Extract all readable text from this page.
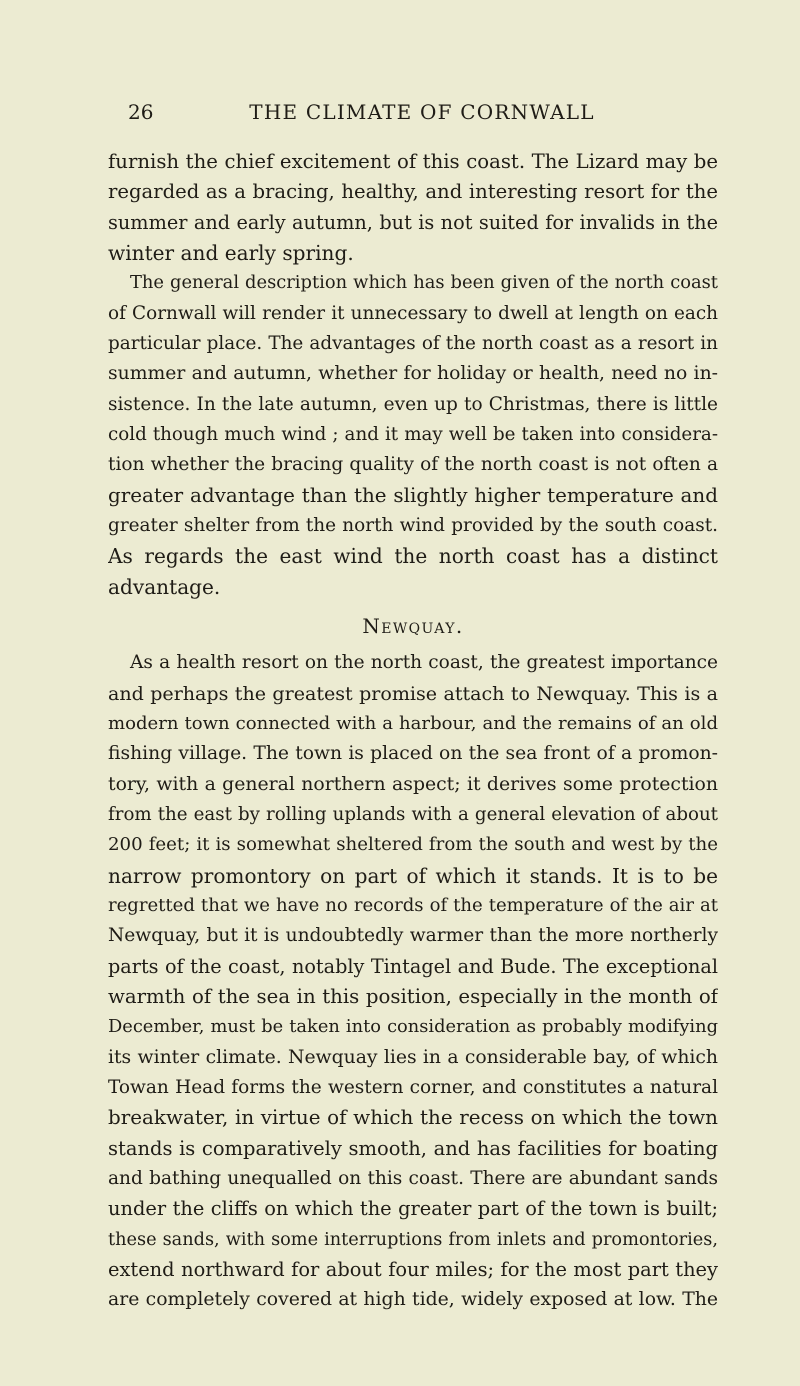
26	THE CLIMATE OF CORNWALL
furnish the chief excitement of this coast. The Lizard may be
regarded as a bracing, healthy, and interesting resort for the
summer and early autumn, but is not suited for invalids in the
winter and early spring.
The general description which has been given of the north coast
of Cornwall will render it unnecessary to dwell at length on each
particular place. The advantages of the north coast as a resort in
summer and autumn, whether for holiday or health, need no in-
sistence. In the late autumn, even up to Christmas, there is little
cold though much wind ; and it may well be taken into considera-
tion whether the bracing quality of the north coast is not often a
greater advantage than the slightly higher temperature and
greater shelter from the north wind provided by the south coast.
As regards the east wind the north coast has a distinct
advantage.
Newquay.
As a health resort on the north coast, the greatest importance
and perhaps the greatest promise attach to Newquay. This is a
modern town connected with a harbour, and the remains of an old
fishing village. The town is placed on the sea front of a promon-
tory, with a general northern aspect; it derives some protection
from the east by rolling uplands with a general elevation of about
200 feet; it is somewhat sheltered from the south and west by the
narrow promontory on part of which it stands. It is to be
regretted that we have no records of the temperature of the air at
Newquay, but it is undoubtedly warmer than the more northerly
parts of the coast, notably Tintagel and Bude. The exceptional
warmth of the sea in this position, especially in the month of
December, must be taken into consideration as probably modifying
its winter climate. Newquay lies in a considerable bay, of which
Towan Head forms the western corner, and constitutes a natural
breakwater, in virtue of which the recess on which the town
stands is comparatively smooth, and has facilities for boating
and bathing unequalled on this coast. There are abundant sands
under the cliffs on which the greater part of the town is built;
these sands, with some interruptions from inlets and promontories,
extend northward for about four miles; for the most part they
are completely covered at high tide, widely exposed at low. The
